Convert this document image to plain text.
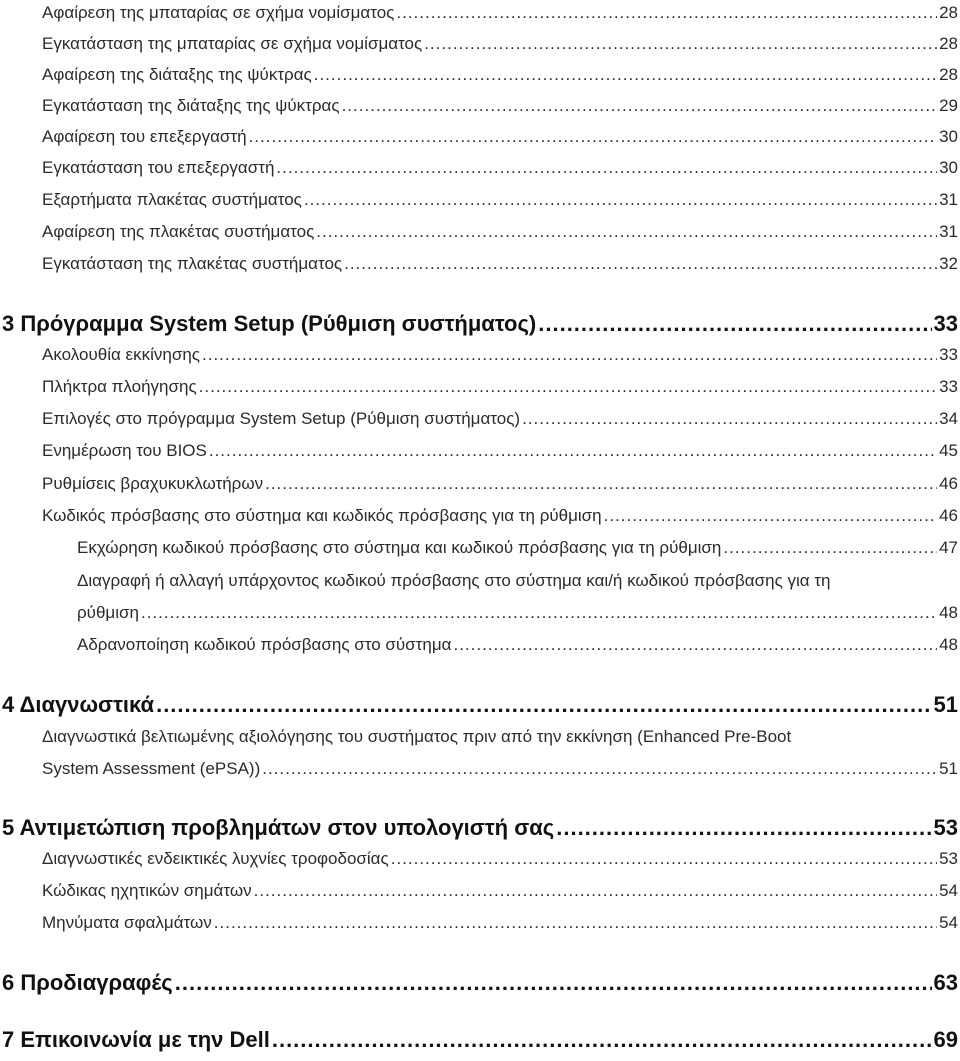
Αφαίρεση της μπαταρίας σε σχήμα νομίσματος .....	28
Εγκατάσταση της μπαταρίας σε σχήμα νομίσματος .....	28
Αφαίρεση της διάταξης της ψύκτρας .....	28
Εγκατάσταση της διάταξης της ψύκτρας .....	29
Αφαίρεση του επεξεργαστή .....	30
Εγκατάσταση του επεξεργαστή .....	30
Εξαρτήματα πλακέτας συστήματος .....	31
Αφαίρεση της πλακέτας συστήματος .....	31
Εγκατάσταση της πλακέτας συστήματος .....	32
3 Πρόγραμμα System Setup (Ρύθμιση συστήματος) .....	33
Ακολουθία εκκίνησης .....	33
Πλήκτρα πλοήγησης .....	33
Επιλογές στο πρόγραμμα System Setup (Ρύθμιση συστήματος) .....	34
Ενημέρωση του BIOS .....	45
Ρυθμίσεις βραχυκυκλωτήρων .....	46
Κωδικός πρόσβασης στο σύστημα και κωδικός πρόσβασης για τη ρύθμιση .....	46
Εκχώρηση κωδικού πρόσβασης στο σύστημα και κωδικού πρόσβασης για τη ρύθμιση .....	47
Διαγραφή ή αλλαγή υπάρχοντος κωδικού πρόσβασης στο σύστημα και/ή κωδικού πρόσβασης για τη
ρύθμιση .....	48
Αδρανοποίηση κωδικού πρόσβασης στο σύστημα .....	48
4 Διαγνωστικά .....	51
Διαγνωστικά βελτιωμένης αξιολόγησης του συστήματος πριν από την εκκίνηση (Enhanced Pre-Boot
System Assessment (ePSA)) .....	51
5 Αντιμετώπιση προβλημάτων στον υπολογιστή σας .....	53
Διαγνωστικές ενδεικτικές λυχνίες τροφοδοσίας .....	53
Κώδικας ηχητικών σημάτων .....	54
Μηνύματα σφαλμάτων .....	54
6 Προδιαγραφές .....	63
7 Επικοινωνία με την Dell .....	69
